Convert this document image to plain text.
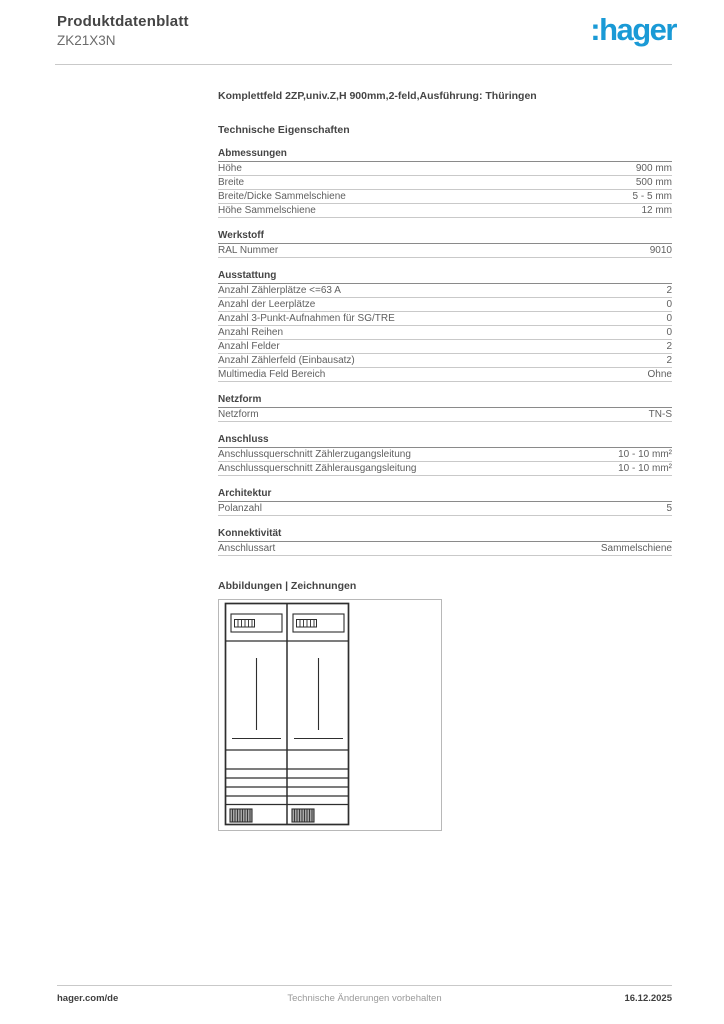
Produktdatenblatt
ZK21X3N	:hager
Komplettfeld 2ZP,univ.Z,H 900mm,2-feld,Ausführung: Thüringen
Technische Eigenschaften
Abmessungen
Höhe	900 mm
Breite	500 mm
Breite/Dicke Sammelschiene	5 - 5 mm
Höhe Sammelschiene	12 mm
Werkstoff
RAL Nummer	9010
Ausstattung
Anzahl Zählerplätze <=63 A	2
Anzahl der Leerplätze	0
Anzahl 3-Punkt-Aufnahmen für SG/TRE	0
Anzahl Reihen	0
Anzahl Felder	2
Anzahl Zählerfeld (Einbausatz)	2
Multimedia Feld Bereich	Ohne
Netzform
Netzform	TN-S
Anschluss
Anschlussquerschnitt Zählerzugangsleitung	10 - 10 mm²
Anschlussquerschnitt Zählerausgangsleitung	10 - 10 mm²
Architektur
Polanzahl	5
Konnektivität
Anschlussart	Sammelschiene
Abbildungen | Zeichnungen
hager.com/de	Technische Änderungen vorbehalten	16.12.2025
